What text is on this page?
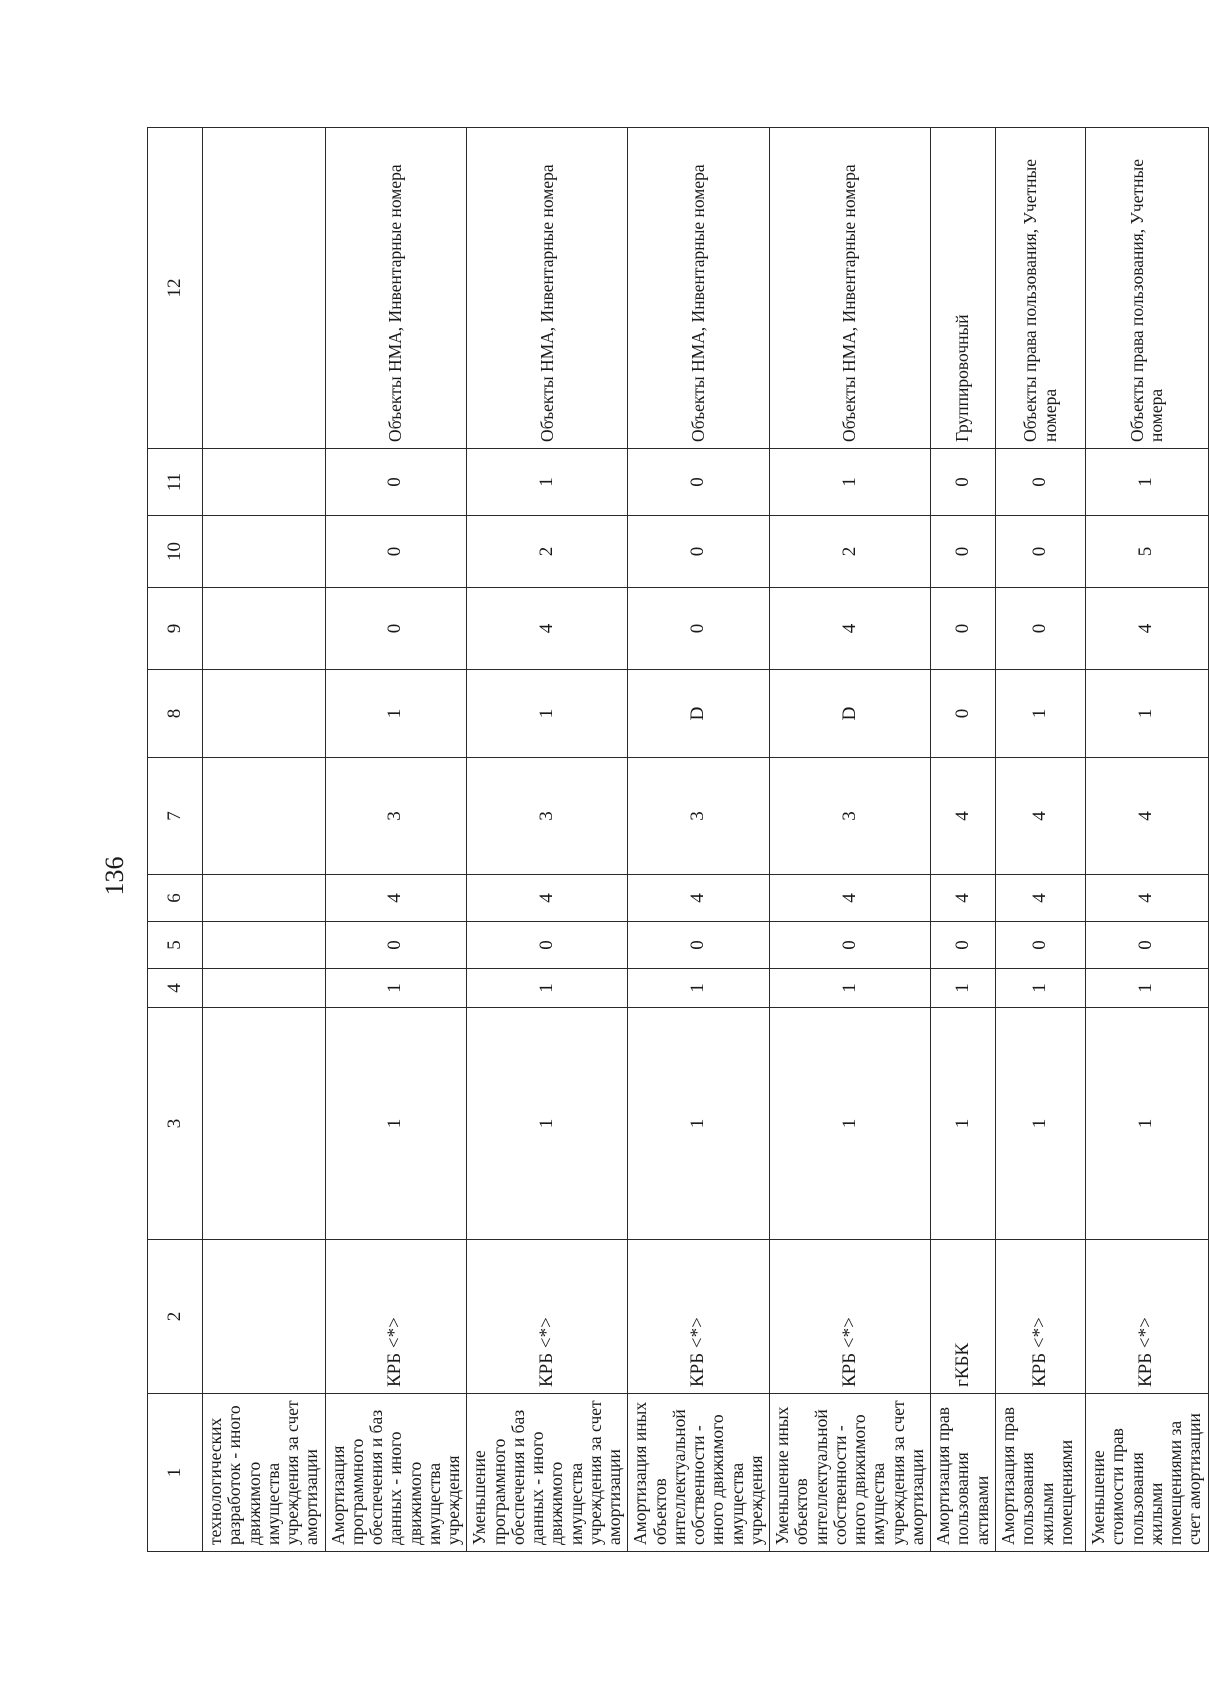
136
1	2	3	4	5	6	7	8	9	10	11	12
технологических разработок - иного движимого имущества учреждения за счет амортизации											
Амортизация программного обеспечения и баз данных - иного движимого имущества учреждения	КРБ <*>	1	1	0	4	3	1	0	0	0	Объекты НМА, Инвентарные номера
Уменьшение программного обеспечения и баз данных - иного движимого имущества учреждения за счет амортизации	КРБ <*>	1	1	0	4	3	1	4	2	1	Объекты НМА, Инвентарные номера
Амортизация иных объектов интеллектуальной собственности - иного движимого имущества учреждения	КРБ <*>	1	1	0	4	3	D	0	0	0	Объекты НМА, Инвентарные номера
Уменьшение иных объектов интеллектуальной собственности - иного движимого имущества учреждения за счет амортизации	КРБ <*>	1	1	0	4	3	D	4	2	1	Объекты НМА, Инвентарные номера
Амортизация прав пользования активами	гКБК	1	1	0	4	4	0	0	0	0	Группировочный
Амортизация прав пользования жилыми помещениями	КРБ <*>	1	1	0	4	4	1	0	0	0	Объекты права пользования, Учетные номера
Уменьшение стоимости прав пользования жилыми помещениями за счет амортизации	КРБ <*>	1	1	0	4	4	1	4	5	1	Объекты права пользования, Учетные номера
